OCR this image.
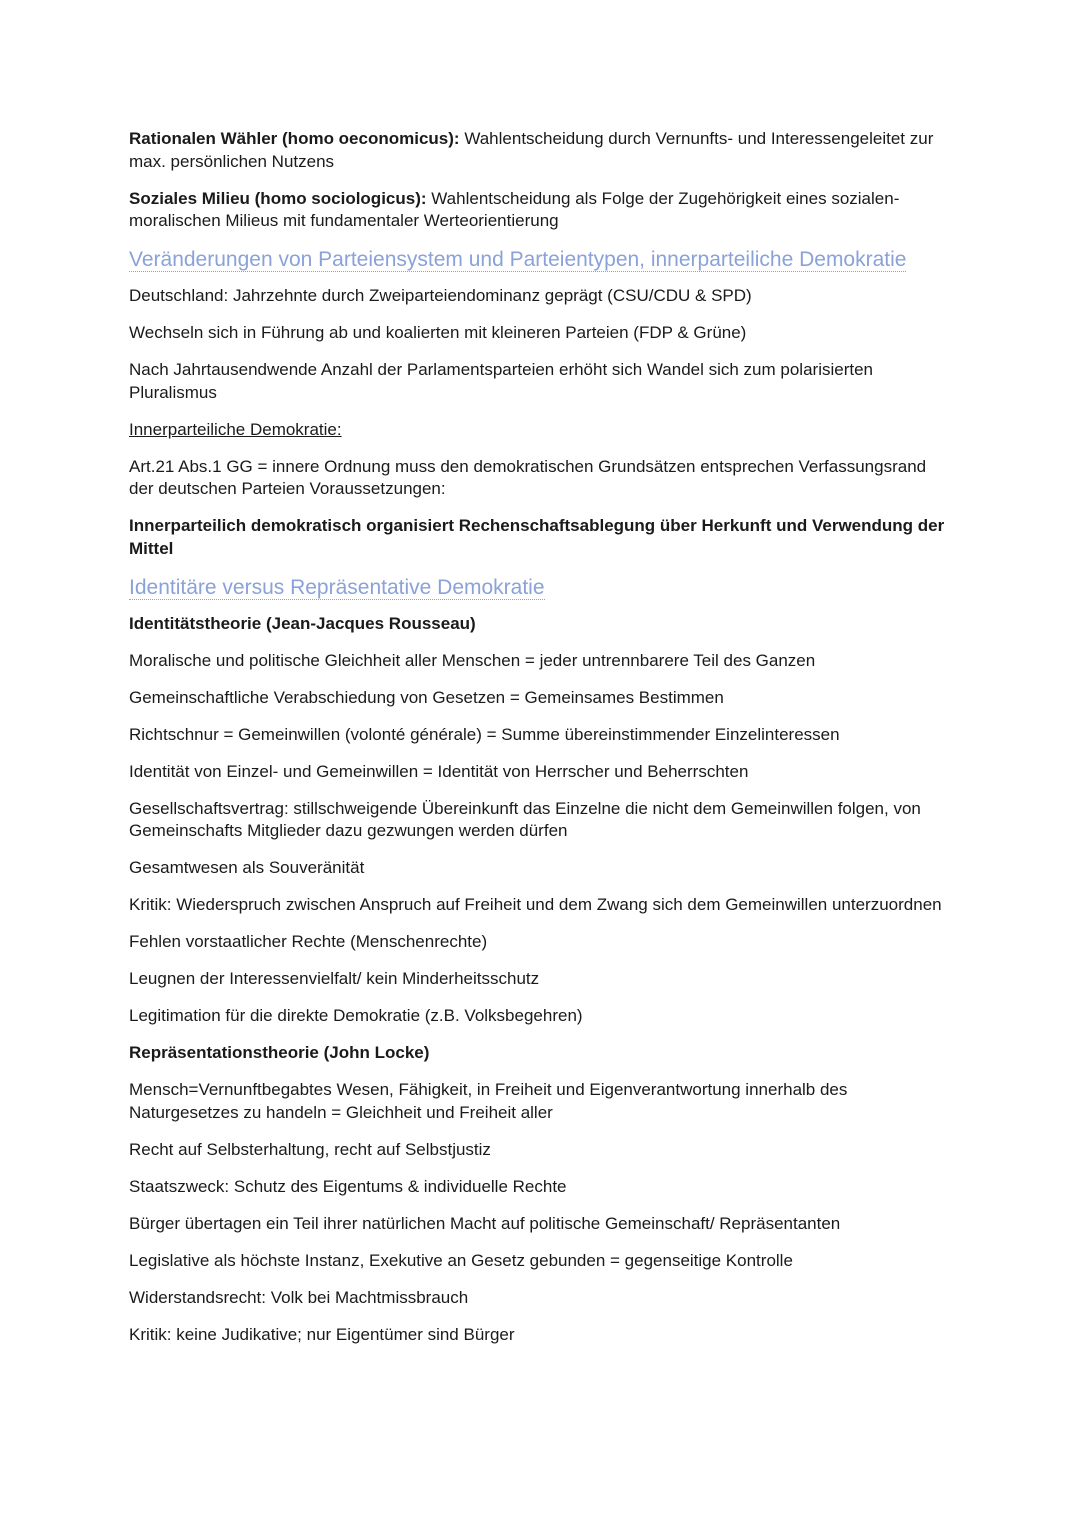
Rationalen Wähler (homo oeconomicus): Wahlentscheidung durch Vernunfts- und Interessengeleitet zur max. persönlichen Nutzens

Soziales Milieu (homo sociologicus): Wahlentscheidung als Folge der Zugehörigkeit eines sozialen-moralischen Milieus mit fundamentaler Werteorientierung

Veränderungen von Parteiensystem und Parteientypen, innerparteiliche Demokratie

Deutschland: Jahrzehnte durch Zweiparteiendominanz geprägt (CSU/CDU & SPD)

Wechseln sich in Führung ab und koalierten mit kleineren Parteien (FDP & Grüne)

Nach Jahrtausendwende Anzahl der Parlamentsparteien erhöht sich Wandel sich zum polarisierten Pluralismus

Innerparteiliche Demokratie:

Art.21 Abs.1 GG = innere Ordnung muss den demokratischen Grundsätzen entsprechen Verfassungsrand der deutschen Parteien Voraussetzungen:

Innerparteilich demokratisch organisiert Rechenschaftsablegung über Herkunft und Verwendung der Mittel

Identitäre versus Repräsentative Demokratie

Identitätstheorie (Jean-Jacques Rousseau)

Moralische und politische Gleichheit aller Menschen = jeder untrennbarere Teil des Ganzen

Gemeinschaftliche Verabschiedung von Gesetzen = Gemeinsames Bestimmen

Richtschnur = Gemeinwillen (volonté générale) = Summe übereinstimmender Einzelinteressen

Identität von Einzel- und Gemeinwillen = Identität von Herrscher und Beherrschten

Gesellschaftsvertrag: stillschweigende Übereinkunft das Einzelne die nicht dem Gemeinwillen folgen, von Gemeinschafts Mitglieder dazu gezwungen werden dürfen

Gesamtwesen als Souveränität

Kritik: Wiederspruch zwischen Anspruch auf Freiheit und dem Zwang sich dem Gemeinwillen unterzuordnen

Fehlen vorstaatlicher Rechte (Menschenrechte)

Leugnen der Interessenvielfalt/ kein Minderheitsschutz

Legitimation für die direkte Demokratie (z.B. Volksbegehren)

Repräsentationstheorie (John Locke)

Mensch=Vernunftbegabtes Wesen, Fähigkeit, in Freiheit und Eigenverantwortung innerhalb des Naturgesetzes zu handeln = Gleichheit und Freiheit aller

Recht auf Selbsterhaltung, recht auf Selbstjustiz

Staatszweck: Schutz des Eigentums & individuelle Rechte

Bürger übertagen ein Teil ihrer natürlichen Macht auf politische Gemeinschaft/ Repräsentanten

Legislative als höchste Instanz, Exekutive an Gesetz gebunden = gegenseitige Kontrolle

Widerstandsrecht: Volk bei Machtmissbrauch

Kritik: keine Judikative; nur Eigentümer sind Bürger
